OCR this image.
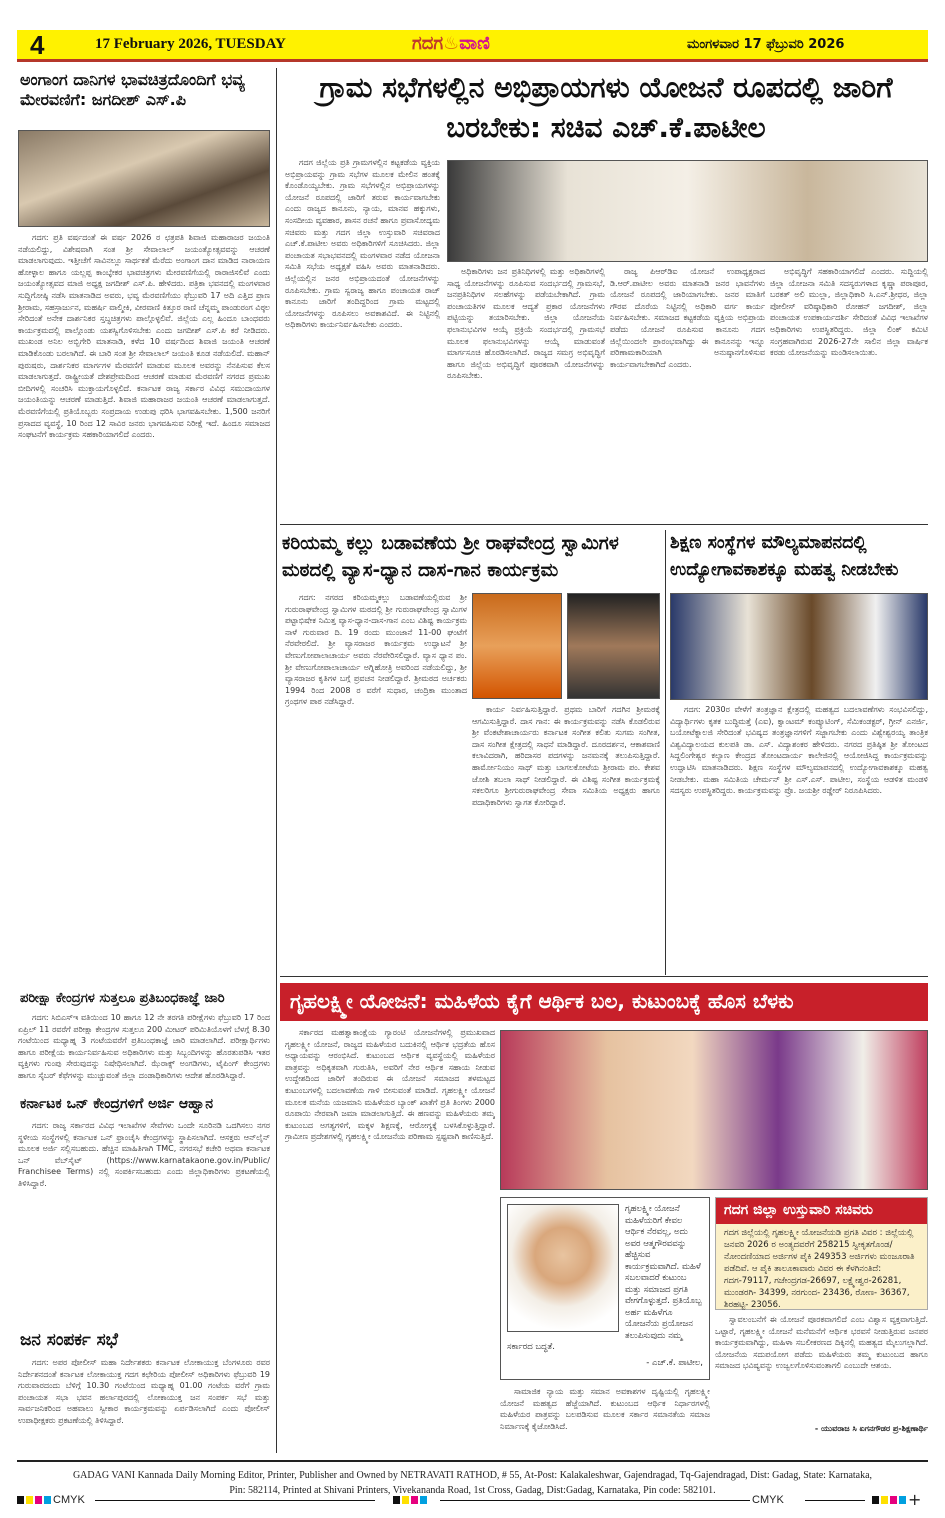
4	17 February 2026, TUESDAY	ಗದಗ♨ವಾಣಿ	ಮಂಗಳವಾರ 17 ಫೆಬ್ರುವರಿ 2026
ಅಂಗಾಂಗ ದಾನಿಗಳ ಭಾವಚಿತ್ರದೊಂದಿಗೆ ಭವ್ಯ ಮೇರವಣಿಗೆ: ಜಗದೀಶ್ ಎಸ್.ಪಿ
ಗದಗ: ಪ್ರತಿ ವರ್ಷದಂತೆ ಈ ವರ್ಷ 2026 ರ ಛತ್ರಪತಿ ಶಿವಾಜಿ ಮಹಾರಾಜರ ಜಯಂತಿ ನಡೆಯಲಿದ್ದು, ವಿಶೇಷವಾಗಿ ಸಂತ ಶ್ರೀ ಸೇವಾಲಾಲ್ ಜಯಂತ್ಯೋತ್ಸವವನ್ನು ಆಚರಣೆ ಮಾಡಲಾಗುವುದು. ಇತ್ತೀಚೆಗೆ ಸಾವಿನಲ್ಲೂ ಸಾರ್ಥಕತೆ ಮೆರೆದು ಅಂಗಾಂಗ ದಾನ ಮಾಡಿದ ನಾರಾಯಣ ಹೋಳ್ಳಾಲ ಹಾಗೂ ಯಲ್ಲಪ್ಪ ಕಾಂಬ್ಳೇಕರ ಭಾವಚಿತ್ರಗಳು ಮೇರವಣಿಗೆಯಲ್ಲಿ ರಾರಾಜಿಸಲಿವೆ ಎಂದು ಜಯಂತ್ಯೋತ್ಸವದ ಮಾಜಿ ಅಧ್ಯಕ್ಷ ಜಗದೀಶ್ ಎಸ್.ಪಿ. ಹೇಳಿದರು. ಪತ್ರಿಕಾ ಭವನದಲ್ಲಿ ಮಂಗಳವಾರ ಸುದ್ದಿಗೋಷ್ಠಿ ನಡೆಸಿ ಮಾತನಾಡಿದ ಅವರು, ಭವ್ಯ ಮೆರವಣಿಗೆಯು ಫೆಬ್ರುವರಿ 17 ಅದಿ ಎತ್ತಿದ ಪ್ರಾಣ ಶ್ರೀರಾಮ, ಸಹಸ್ರಾರ್ಜುನ, ಮಹರ್ಷಿ ವಾಲ್ಮೀಕಿ, ವೀರವಾಣಿ ಕಿತ್ತೂರ ರಾಣಿ ಚೆನ್ನಮ್ಮ ಪಾಂಡುರಂಗ ವಿಠ್ಠಲ ಸೇರಿದಂತೆ ಅನೇಕ ದಾರ್ಶನಿಕರ ಸ್ತಬ್ಧಚಿತ್ರಗಳು ಪಾಲ್ಗೊಳ್ಳಲಿವೆ. ಜಿಲ್ಲೆಯ ಎಲ್ಲ ಹಿಂದೂ ಬಾಂಧವರು ಕಾರ್ಯಕ್ರಮದಲ್ಲಿ ಪಾಲ್ಗೊಂಡು ಯಶಸ್ವಿಗೊಳಿಸಬೇಕು ಎಂದು ಜಗದೀಶ್ ಎಸ್.ಪಿ ಕರೆ ನೀಡಿದರು. ಮುಖಂಡ ಅನಿಲ ಅಬ್ಬಿಗೇರಿ ಮಾತನಾಡಿ, ಕಳೆದ 10 ವರ್ಷದಿಂದ ಶಿವಾಜಿ ಜಯಂತಿ ಆಚರಣೆ ಮಾಡಿಕೊಂಡು ಬರಲಾಗಿದೆ. ಈ ಬಾರಿ ಸಂತ ಶ್ರೀ ಸೇವಾಲಾಲ್ ಜಯಂತಿ ಕೂಡ ನಡೆಯಲಿದೆ. ಮಹಾನ್ ಪುರುಷರು, ದಾರ್ಶನಿಕರ ಮಾರ್ಗಗಳ ಮೆರವಣಿಗೆ ಮಾಡುವ ಮೂಲಕ ಅವರನ್ನು ನೆನಪಿಸುವ ಕೆಲಸ ಮಾಡಲಾಗುತ್ತದೆ. ರಾಷ್ಟ್ರೀಯತೆ ದೇಶಪ್ರೇಮದಿಂದ ಆಚರಣೆ ಮಾಡುವ ಮೆರವಣಿಗೆ ನಗರದ ಪ್ರಮುಖ ಬೀದಿಗಳಲ್ಲಿ ಸಂಚರಿಸಿ ಮುಕ್ತಾಯಗೊಳ್ಳಲಿದೆ. ಕರ್ನಾಟಕ ರಾಜ್ಯ ಸರ್ಕಾರ ವಿವಿಧ ಸಮುದಾಯಗಳ ಜಯಂತಿಯನ್ನು ಆಚರಣೆ ಮಾಡುತ್ತಿದೆ. ಶಿವಾಜಿ ಮಹಾರಾಜರ ಜಯಂತಿ ಆಚರಣೆ ಮಾಡಲಾಗುತ್ತದೆ. ಮೆರವಣಿಗೆಯಲ್ಲಿ ಪ್ರತಿಯೊಬ್ಬರು ಸಂಪ್ರದಾಯ ಉಡುಪು ಧರಿಸಿ ಭಾಗವಹಿಸಬೇಕು. 1,500 ಜನರಿಗೆ ಪ್ರಸಾದದ ವ್ಯವಸ್ಥೆ, 10 ರಿಂದ 12 ಸಾವಿರ ಜನರು ಭಾಗವಹಿಸುವ ನಿರೀಕ್ಷೆ ಇದೆ. ಹಿಂದೂ ಸಮಾಜದ ಸಂಘಟನೆಗೆ ಕಾರ್ಯಕ್ರಮ ಸಹಕಾರಿಯಾಗಲಿದೆ ಎಂದರು.
ಪರೀಕ್ಷಾ ಕೇಂದ್ರಗಳ ಸುತ್ತಲೂ ಪ್ರತಿಬಂಧಕಾಜ್ಞೆ ಜಾರಿ
ಗದಗ: ಸಿಬಿಎಸ್‌ಇ ವತಿಯಿಂದ 10 ಹಾಗೂ 12 ನೇ ತರಗತಿ ಪರೀಕ್ಷೆಗಳು ಫೆಬ್ರುವರಿ 17 ರಿಂದ ಏಪ್ರಿಲ್ 11 ರವರೆಗೆ ಪರೀಕ್ಷಾ ಕೇಂದ್ರಗಳ ಸುತ್ತಲೂ 200 ಮೀಟರ್ ಪರಿಮಿತಿಯೊಳಗೆ ಬೆಳಗ್ಗೆ 8.30 ಗಂಟೆಯಿಂದ ಮಧ್ಯಾಹ್ನ 3 ಗಂಟೆಯವರೆಗೆ ಪ್ರತಿಬಂಧಕಾಜ್ಞೆ ಜಾರಿ ಮಾಡಲಾಗಿದೆ. ಪರೀಕ್ಷಾರ್ಥಿಗಳು ಹಾಗೂ ಪರೀಕ್ಷೆಯ ಕಾರ್ಯನಿರ್ವಹಿಸುವ ಅಧಿಕಾರಿಗಳು ಮತ್ತು ಸಿಬ್ಬಂದಿಗಳನ್ನು ಹೊರತುಪಡಿಸಿ ಇತರ ವ್ಯಕ್ತಿಗಳು ಗುಂಪು ಸೇರುವುದನ್ನು ನಿಷೇಧಿಸಲಾಗಿದೆ. ಝೆರಾಕ್ಸ್ ಅಂಗಡಿಗಳು, ಟೈಪಿಂಗ್ ಕೇಂದ್ರಗಳು ಹಾಗೂ ಸೈಬರ್ ಕೆಫೆಗಳನ್ನು ಮುಚ್ಚುವಂತೆ ಜಿಲ್ಲಾ ದಂಡಾಧಿಕಾರಿಗಳು ಆದೇಶ ಹೊರಡಿಸಿದ್ದಾರೆ.
ಕರ್ನಾಟಕ ಒನ್ ಕೇಂದ್ರಗಳಿಗೆ ಅರ್ಜಿ ಆಹ್ವಾನ
ಗದಗ: ರಾಜ್ಯ ಸರ್ಕಾರದ ವಿವಿಧ ಇಲಾಖೆಗಳ ಸೇವೆಗಳು ಒಂದೇ ಸೂರಿನಡಿ ಒದಗಿಸಲು ನಗರ ಸ್ಥಳೀಯ ಸಂಸ್ಥೆಗಳಲ್ಲಿ ಕರ್ನಾಟಕ ಒನ್ ಫ್ರಾಂಚೈಸಿ ಕೇಂದ್ರಗಳನ್ನು ಸ್ಥಾಪಿಸಲಾಗಿದೆ. ಆಸಕ್ತರು ಆನ್‌ಲೈನ್ ಮೂಲಕ ಅರ್ಜಿ ಸಲ್ಲಿಸಬಹುದು. ಹೆಚ್ಚಿನ ಮಾಹಿತಿಗಾಗಿ TMC, ನಗರಸಭೆ ಕಚೇರಿ ಅಥವಾ ಕರ್ನಾಟಕ ಒನ್ ವೆಬ್‌ಸೈಟ್ (https://www.karnatakaone.gov.in/Public/ Franchisee Terms) ನಲ್ಲಿ ಸಂಪರ್ಕಿಸಬಹುದು ಎಂದು ಜಿಲ್ಲಾಧಿಕಾರಿಗಳು ಪ್ರಕಟಣೆಯಲ್ಲಿ ತಿಳಿಸಿದ್ದಾರೆ.
ಜನ ಸಂಪರ್ಕ ಸಭೆ
ಗದಗ: ಅಪರ ಪೋಲೀಸ್ ಮಹಾ ನಿರ್ದೇಶಕರು ಕರ್ನಾಟಕ ಲೋಕಾಯುಕ್ತ ಬೆಂಗಳೂರು ರವರ ನಿರ್ದೇಶನದಂತೆ ಕರ್ನಾಟಕ ಲೋಕಾಯುಕ್ತ ಗದಗ ಕಛೇರಿಯ ಪೋಲೀಸ್ ಅಧಿಕಾರಿಗಳು ಫೆಬ್ರುವರಿ 19 ಗುರುವಾರದಂದು ಬೆಳಿಗ್ಗೆ 10.30 ಗಂಟೆಯಿಂದ ಮಧ್ಯಾಹ್ನ 01.00 ಗಂಟೆಯ ವರೆಗೆ ಗ್ರಾಮ ಪಂಚಾಯತ ಸಭಾ ಭವನ ಹರ್ಲಾಪುರದಲ್ಲಿ ಲೋಕಾಯುಕ್ತ ಜನ ಸಂಪರ್ಕ ಸಭೆ ಮತ್ತು ಸಾರ್ವಜನಿಕರಿಂದ ಅಹವಾಲು ಸ್ವೀಕಾರ ಕಾರ್ಯಕ್ರಮವನ್ನು ಏರ್ಪಡಿಸಲಾಗಿದೆ ಎಂದು ಪೋಲೀಸ್ ಉಪಾಧೀಕ್ಷಕರು ಪ್ರಕಟಣೆಯಲ್ಲಿ ತಿಳಿಸಿದ್ದಾರೆ.
ಗ್ರಾಮ ಸಭೆಗಳಲ್ಲಿನ ಅಭಿಪ್ರಾಯಗಳು ಯೋಜನೆ ರೂಪದಲ್ಲಿ ಜಾರಿಗೆ ಬರಬೇಕು: ಸಚಿವ ಎಚ್.ಕೆ.ಪಾಟೀಲ
ಗದಗ ಜಿಲ್ಲೆಯ ಪ್ರತಿ ಗ್ರಾಮಗಳಲ್ಲಿನ ಕಟ್ಟಕಡೆಯ ವ್ಯಕ್ತಿಯ ಅಭಿಪ್ರಾಯವನ್ನು ಗ್ರಾಮ ಸಭೆಗಳ ಮೂಲಕ ಮೇಲಿನ ಹಂತಕ್ಕೆ ಕೊಂಡೊಯ್ಯಬೇಕು. ಗ್ರಾಮ ಸಭೆಗಳಲ್ಲಿನ ಅಭಿಪ್ರಾಯಗಳನ್ನು ಯೋಜನೆ ರೂಪದಲ್ಲಿ ಜಾರಿಗೆ ತರುವ ಕಾರ್ಯವಾಗಬೇಕು ಎಂದು ರಾಜ್ಯದ ಕಾನೂನು, ನ್ಯಾಯ, ಮಾನವ ಹಕ್ಕುಗಳು, ಸಂಸದೀಯ ವ್ಯವಹಾರ, ಶಾಸನ ರಚನೆ ಹಾಗೂ ಪ್ರವಾಸೋದ್ಯಮ ಸಚಿವರು ಮತ್ತು ಗದಗ ಜಿಲ್ಲಾ ಉಸ್ತುವಾರಿ ಸಚಿವರಾದ ಎಚ್.ಕೆ.ಪಾಟೀಲ ಅವರು ಅಧಿಕಾರಿಗಳಿಗೆ ಸೂಚಿಸಿದರು. ಜಿಲ್ಲಾ ಪಂಚಾಯತ ಸಭಾಭವನದಲ್ಲಿ ಮಂಗಳವಾರ ನಡೆದ ಯೋಜನಾ ಸಮಿತಿ ಸಭೆಯ ಅಧ್ಯಕ್ಷತೆ ವಹಿಸಿ ಅವರು ಮಾತನಾಡಿದರು. ಜಿಲ್ಲೆಯಲ್ಲಿನ ಜನರ ಅಭಿಪ್ರಾಯದಂತೆ ಯೋಜನೆಗಳನ್ನು ರೂಪಿಸಬೇಕು. ಗ್ರಾಮ ಸ್ವರಾಜ್ಯ ಹಾಗೂ ಪಂಚಾಯತ ರಾಜ್ ಕಾನೂನು ಜಾರಿಗೆ ತಂದಿದ್ದರಿಂದ ಗ್ರಾಮ ಮಟ್ಟದಲ್ಲಿ ಯೋಜನೆಗಳನ್ನು ರೂಪಿಸಲು ಅವಕಾಶವಿದೆ. ಈ ನಿಟ್ಟಿನಲ್ಲಿ ಅಧಿಕಾರಿಗಳು ಕಾರ್ಯನಿರ್ವಹಿಸಬೇಕು ಎಂದರು.
ಅಧಿಕಾರಿಗಳು ಜನ ಪ್ರತಿನಿಧಿಗಳಲ್ಲಿ ಮತ್ತು ಅಧಿಕಾರಿಗಳಲ್ಲಿ ಸಾಧ್ಯ ಯೋಜನೆಗಳನ್ನು ರೂಪಿಸುವ ಸಂದರ್ಭದಲ್ಲಿ ಗ್ರಾಮಸಭೆ, ಜನಪ್ರತಿನಿಧಿಗಳ ಸಲಹೆಗಳನ್ನು ಪಡೆಯಬೇಕಾಗಿದೆ. ಗ್ರಾಮ ಪಂಚಾಯತಿಗಳ ಮೂಲಕ ಆದ್ಯತೆ ಪ್ರಕಾರ ಯೋಜನೆಗಳು ಪಟ್ಟಿಯನ್ನು ತಯಾರಿಸಬೇಕು. ಜಿಲ್ಲಾ ಯೋಜನೆಯ ಫಲಾನುಭವಿಗಳ ಆಯ್ಕೆ ಪ್ರಕ್ರಿಯೆ ಸಂದರ್ಭದಲ್ಲಿ ಗ್ರಾಮಸಭೆ ಮೂಲಕ ಫಲಾನುಭವಿಗಳನ್ನು ಆಯ್ಕೆ ಮಾಡುವಂತೆ ಮಾರ್ಗಸೂಚಿ ಹೊರಡಿಸಲಾಗಿದೆ. ರಾಜ್ಯದ ಸಮಗ್ರ ಅಭಿವೃದ್ಧಿಗೆ ಹಾಗೂ ಜಿಲ್ಲೆಯ ಅಭಿವೃದ್ಧಿಗೆ ಪೂರಕವಾಗಿ ಯೋಜನೆಗಳನ್ನು ರೂಪಿಸಬೇಕು.
ರಾಜ್ಯ ಪಿಆರ್‌ಡಿಐ ಯೋಜನೆ ಉಪಾಧ್ಯಕ್ಷರಾದ ಡಿ.ಆರ್.ಪಾಟೀಲ ಅವರು ಮಾತನಾಡಿ ಜನರ ಭಾವನೆಗಳು ಯೋಜನೆ ರೂಪದಲ್ಲಿ ಜಾರಿಯಾಗಬೇಕು. ಜನರ ಮಾತಿಗೆ ಗೌರವ ದೊರೆಯ ನಿಟ್ಟಿನಲ್ಲಿ ಅಧಿಕಾರಿ ವರ್ಗ ಕಾರ್ಯ ನಿರ್ವಹಿಸಬೇಕು. ಸಮಾಜದ ಕಟ್ಟಕಡೆಯ ವ್ಯಕ್ತಿಯ ಅಭಿಪ್ರಾಯ ಪಡೆದು ಯೋಜನೆ ರೂಪಿಸುವ ಕಾನೂನು ಗದಗ ಜಿಲ್ಲೆಯಿಂದಲೇ ಪ್ರಾರಂಭವಾಗಿದ್ದು ಈ ಕಾನೂನನ್ನು ಇನ್ನೂ ಪರಿಣಾಮಕಾರಿಯಾಗಿ ಅನುಷ್ಠಾನಗೊಳಿಸುವ ಕಾರ್ಯವಾಗಬೇಕಾಗಿದೆ ಎಂದರು.
ಅಭಿವೃದ್ಧಿಗೆ ಸಹಕಾರಿಯಾಗಲಿದೆ ಎಂದರು. ಸುದ್ದಿಯಲ್ಲಿ ಜಿಲ್ಲಾ ಯೋಜನಾ ಸಮಿತಿ ಸದಸ್ಯರುಗಳಾದ ಕೃಷ್ಣಾ ಪರಾಪೂರ, ಬರಕತ್ ಅಲಿ ಮುಲ್ಲಾ, ಜಿಲ್ಲಾಧಿಕಾರಿ ಸಿ.ಎನ್.ಶ್ರೀಧರ, ಜಿಲ್ಲಾ ಪೋಲೀಸ್ ವರಿಷ್ಠಾಧಿಕಾರಿ ರೋಹನ್ ಜಗದೀಶ್, ಜಿಲ್ಲಾ ಪಂಚಾಯತ ಉಪಕಾರ್ಯದರ್ಶಿ ಸೇರಿದಂತೆ ವಿವಿಧ ಇಲಾಖೆಗಳ ಅಧಿಕಾರಿಗಳು ಉಪಸ್ಥಿತರಿದ್ದರು. ಜಿಲ್ಲಾ ಲಿಂಕ್ ಕಮಿಟಿ ಸಂಗ್ರಹವಾಗಿರುವ 2026-27ನೇ ಸಾಲಿನ ಜಿಲ್ಲಾ ವಾರ್ಷಿಕ ಕರಡು ಯೋಜನೆಯನ್ನು ಮಂಡಿಸಲಾಯಿತು.
ಕರಿಯಮ್ಮ ಕಲ್ಲು ಬಡಾವಣೆಯ ಶ್ರೀ ರಾಘವೇಂದ್ರ ಸ್ವಾಮಿಗಳ ಮಠದಲ್ಲಿ ವ್ಯಾಸ-ಧ್ಯಾನ ದಾಸ-ಗಾನ ಕಾರ್ಯಕ್ರಮ
ಗದಗ: ನಗರದ ಕರಿಯಮ್ಮಕಲ್ಲು ಬಡಾವಣೆಯಲ್ಲಿರುವ ಶ್ರೀ ಗುರುರಾಘವೇಂದ್ರ ಸ್ವಾಮಿಗಳ ಮಠದಲ್ಲಿ ಶ್ರೀ ಗುರುರಾಘವೇಂದ್ರ ಸ್ವಾಮಿಗಳ ಪಟ್ಟಾಭಿಷೇಕ ನಿಮಿತ್ತ ವ್ಯಾಸ-ಧ್ಯಾನ-ದಾಸ-ಗಾನ ಎಂಬ ವಿಶಿಷ್ಟ ಕಾರ್ಯಕ್ರಮ ನಾಳೆ ಗುರುವಾರ ದಿ. 19 ರಂದು ಮುಂಜಾನೆ 11-00 ಘಂಟೆಗೆ ನೆರವೇರಲಿದೆ. ಶ್ರೀ ವ್ಯಾಸರಾಜರ ಕಾರ್ಯಕ್ರಮ ಉದ್ಘಾಟನೆ ಶ್ರೀ ವೇಣುಗೋಪಾಲಾಚಾರ್ಯ ಅವರು ನೆರವೇರಿಸಲಿದ್ದಾರೆ. ವ್ಯಾಸ ಧ್ಯಾನ ಪಂ. ಶ್ರೀ ವೇಣುಗೋಪಾಲಾಚಾರ್ಯ ಅಗ್ನಿಹೋತ್ರಿ ಅವರಿಂದ ನಡೆಯಲಿದ್ದು, ಶ್ರೀ ವ್ಯಾಸರಾಜರ ಕೃತಿಗಳ ಬಗ್ಗೆ ಪ್ರವಚನ ನೀಡಲಿದ್ದಾರೆ. ಶ್ರೀಮಠದ ಅರ್ಚಕರು 1994 ರಿಂದ 2008 ರ ವರೆಗೆ ಸುಧಾರ, ಚಂದ್ರಿಕಾ ಮುಂತಾದ ಗ್ರಂಥಗಳ ಪಾಠ ನಡೆಸಿದ್ದಾರೆ.
ಕಾರ್ಯ ನಿರ್ವಹಿಸುತ್ತಿದ್ದಾರೆ. ಪ್ರಥಮ ಬಾರಿಗೆ ಗದಗಿನ ಶ್ರೀಮಠಕ್ಕೆ ಆಗಮಿಸುತ್ತಿದ್ದಾರೆ. ದಾಸ ಗಾನ: ಈ ಕಾರ್ಯಕ್ರಮವನ್ನು ನಡೆಸಿ ಕೊಡಲಿರುವ ಶ್ರೀ ವೆಂಕಟೇಶಾಚಾರ್ಯರು ಕರ್ನಾಟಕ ಸಂಗೀತ ಕಲಿತು ಸುಗಮ ಸಂಗೀತ, ದಾಸ ಸಂಗೀತ ಕ್ಷೇತ್ರದಲ್ಲಿ ಸಾಧನೆ ಮಾಡಿದ್ದಾರೆ. ದೂರದರ್ಶನ, ಆಕಾಶವಾಣಿ ಕಲಾವಿದರಾಗಿ, ಹರಿದಾಸರ ಪದಗಳನ್ನು ಜನಮನಕ್ಕೆ ತಲುಪಿಸುತ್ತಿದ್ದಾರೆ. ಹಾರ್ಮೋನಿಯಂ ಸಾಥ್ ಮತ್ತು ಬಾಗಲಕೋಟೆಯ ಶ್ರೀರಾಮ ಪಂ. ಕೇಶವ ಜೋಶಿ ತಬಲಾ ಸಾಥ್ ನೀಡಲಿದ್ದಾರೆ. ಈ ವಿಶಿಷ್ಟ ಸಂಗೀತ ಕಾರ್ಯಕ್ರಮಕ್ಕೆ ಸಕಲರಿಗೂ ಶ್ರೀಗುರುರಾಘವೇಂದ್ರ ಸೇವಾ ಸಮಿತಿಯ ಅಧ್ಯಕ್ಷರು ಹಾಗೂ ಪದಾಧಿಕಾರಿಗಳು ಸ್ವಾಗತ ಕೋರಿದ್ದಾರೆ.
ಶಿಕ್ಷಣ ಸಂಸ್ಥೆಗಳ ಮೌಲ್ಯಮಾಪನದಲ್ಲಿ ಉದ್ಯೋಗಾವಕಾಶಕ್ಕೂ ಮಹತ್ವ ನೀಡಬೇಕು
ಗದಗ: 2030ರ ವೇಳೆಗೆ ತಂತ್ರಜ್ಞಾನ ಕ್ಷೇತ್ರದಲ್ಲಿ ಮಹತ್ವದ ಬದಲಾವಣೆಗಳು ಸಂಭವಿಸಲಿದ್ದು, ವಿದ್ಯಾರ್ಥಿಗಳು ಕೃತಕ ಬುದ್ಧಿಮತ್ತೆ (ಎಐ), ಕ್ವಾಂಟಮ್ ಕಂಪ್ಯೂಟಿಂಗ್, ಸೆಮಿಕಂಡಕ್ಟರ್, ಗ್ರೀನ್ ಎನರ್ಜಿ, ಬಯೋಟೆಕ್ನಾಲಜಿ ಸೇರಿದಂತೆ ಭವಿಷ್ಯದ ತಂತ್ರಜ್ಞಾನಗಳಿಗೆ ಸಜ್ಜಾಗಬೇಕು ಎಂದು ವಿಶ್ವೇಶ್ವರಯ್ಯ ತಾಂತ್ರಿಕ ವಿಶ್ವವಿದ್ಯಾಲಯದ ಕುಲಪತಿ ಡಾ. ಎಸ್. ವಿದ್ಯಾಶಂಕರ ಹೇಳಿದರು. ನಗರದ ಪ್ರತಿಷ್ಠಿತ ಶ್ರೀ ತೋಂಟದ ಸಿದ್ದಲಿಂಗೇಶ್ವರ ಕಲ್ಯಾಣ ಕೇಂದ್ರದ ತೋಂಟದಾರ್ಯ ಕಾಲೇಜಿನಲ್ಲಿ ಆಯೋಜಿಸಿದ್ದ ಕಾರ್ಯಕ್ರಮವನ್ನು ಉದ್ಘಾಟಿಸಿ ಮಾತನಾಡಿದರು. ಶಿಕ್ಷಣ ಸಂಸ್ಥೆಗಳ ಮೌಲ್ಯಮಾಪನದಲ್ಲಿ ಉದ್ಯೋಗಾವಕಾಶಕ್ಕೂ ಮಹತ್ವ ನೀಡಬೇಕು. ಮಹಾ ಸಮಿತಿಯ ಚೇರ್ಮನ್ ಶ್ರೀ ಎಸ್.ಎಸ್. ಪಾಟೀಲ, ಸಂಸ್ಥೆಯ ಆಡಳಿತ ಮಂಡಳಿ ಸದಸ್ಯರು ಉಪಸ್ಥಿತರಿದ್ದರು. ಕಾರ್ಯಕ್ರಮವನ್ನು ಪ್ರೊ. ಜಯಶ್ರೀ ರಡ್ಡೇರ್ ನಿರೂಪಿಸಿದರು.
ಗೃಹಲಕ್ಷ್ಮೀ ಯೋಜನೆ: ಮಹಿಳೆಯ ಕೈಗೆ ಆರ್ಥಿಕ ಬಲ, ಕುಟುಂಬಕ್ಕೆ ಹೊಸ ಬೆಳಕು
ಸರ್ಕಾರದ ಮಹತ್ವಾಕಾಂಕ್ಷೆಯ ಗ್ಯಾರಂಟಿ ಯೋಜನೆಗಳಲ್ಲಿ ಪ್ರಮುಖವಾದ ಗೃಹಲಕ್ಷ್ಮೀ ಯೋಜನೆ, ರಾಜ್ಯದ ಮಹಿಳೆಯರ ಬದುಕಿನಲ್ಲಿ ಆರ್ಥಿಕ ಭದ್ರತೆಯ ಹೊಸ ಅಧ್ಯಾಯವನ್ನು ಆರಂಭಿಸಿದೆ. ಕುಟುಂಬದ ಆರ್ಥಿಕ ವ್ಯವಸ್ಥೆಯಲ್ಲಿ ಮಹಿಳೆಯರ ಪಾತ್ರವನ್ನು ಅಧಿಕೃತವಾಗಿ ಗುರುತಿಸಿ, ಅವರಿಗೆ ನೇರ ಆರ್ಥಿಕ ಸಹಾಯ ನೀಡುವ ಉದ್ದೇಶದಿಂದ ಜಾರಿಗೆ ತಂದಿರುವ ಈ ಯೋಜನೆ ಸಮಾಜದ ತಳಮಟ್ಟದ ಕುಟುಂಬಗಳಲ್ಲಿ ಬದಲಾವಣೆಯ ಗಾಳಿ ಬೀಸುವಂತೆ ಮಾಡಿದೆ. ಗೃಹಲಕ್ಷ್ಮೀ ಯೋಜನೆ ಮೂಲಕ ಮನೆಯ ಯಜಮಾನಿ ಮಹಿಳೆಯರ ಬ್ಯಾಂಕ್ ಖಾತೆಗೆ ಪ್ರತಿ ತಿಂಗಳು 2000 ರೂಪಾಯಿ ನೇರವಾಗಿ ಜಮಾ ಮಾಡಲಾಗುತ್ತಿದೆ. ಈ ಹಣವನ್ನು ಮಹಿಳೆಯರು ತಮ್ಮ ಕುಟುಂಬದ ಅಗತ್ಯಗಳಿಗೆ, ಮಕ್ಕಳ ಶಿಕ್ಷಣಕ್ಕೆ, ಆರೋಗ್ಯಕ್ಕೆ ಬಳಸಿಕೊಳ್ಳುತ್ತಿದ್ದಾರೆ. ಗ್ರಾಮೀಣ ಪ್ರದೇಶಗಳಲ್ಲಿ ಗೃಹಲಕ್ಷ್ಮೀ ಯೋಜನೆಯ ಪರಿಣಾಮ ಸ್ಪಷ್ಟವಾಗಿ ಕಾಣಿಸುತ್ತಿದೆ.
ಗೃಹಲಕ್ಷ್ಮೀ ಯೋಜನೆ ಮಹಿಳೆಯರಿಗೆ ಕೇವಲ ಆರ್ಥಿಕ ನೆರವಲ್ಲ, ಅದು ಅವರ ಆತ್ಮಗೌರವವನ್ನು ಹೆಚ್ಚಿಸುವ ಕಾರ್ಯಕ್ರಮವಾಗಿದೆ. ಮಹಿಳೆ ಸಬಲವಾದರೆ ಕುಟುಂಬ ಮತ್ತು ಸಮಾಜದ ಪ್ರಗತಿ ವೇಗಗೊಳ್ಳುತ್ತದೆ. ಪ್ರತಿಯೊಬ್ಬ ಅರ್ಹ ಮಹಿಳೆಗೂ ಯೋಜನೆಯ ಪ್ರಯೋಜನ ತಲುಪಿಸುವುದು ನಮ್ಮ ಸರ್ಕಾರದ ಬದ್ಧತೆ.
- ಎಚ್.ಕೆ. ಪಾಟೀಲ,
ಸಾಮಾಜಿಕ ನ್ಯಾಯ ಮತ್ತು ಸಮಾನ ಅವಕಾಶಗಳ ದೃಷ್ಟಿಯಲ್ಲಿ ಗೃಹಲಕ್ಷ್ಮೀ ಯೋಜನೆ ಮಹತ್ವದ ಹೆಜ್ಜೆಯಾಗಿದೆ. ಕುಟುಂಬದ ಆರ್ಥಿಕ ನಿರ್ಧಾರಗಳಲ್ಲಿ ಮಹಿಳೆಯರ ಪಾತ್ರವನ್ನು ಬಲಪಡಿಸುವ ಮೂಲಕ ಸರ್ಕಾರ ಸಮಾನತೆಯ ಸಮಾಜ ನಿರ್ಮಾಣಕ್ಕೆ ಕೈಜೋಡಿಸಿದೆ.
ಗದಗ ಜಿಲ್ಲಾ ಉಸ್ತುವಾರಿ ಸಚಿವರು
ಗದಗ ಜಿಲ್ಲೆಯಲ್ಲಿ ಗೃಹಲಕ್ಷ್ಮೀ ಯೋಜನೆಯಡಿ ಪ್ರಗತಿ ವಿವರ : ಜಿಲ್ಲೆಯಲ್ಲಿ ಜನವರಿ 2026 ರ ಅಂತ್ಯದವರೆಗೆ 258215 ಸ್ವೀಕೃತಗೊಂಡ/ ನೋಂದಣಿಯಾದ ಅರ್ಜಿಗಳ ಪೈಕಿ 249353 ಅರ್ಜಿಗಳು ಮಂಜೂರಾತಿ ಪಡೆದಿವೆ. ಆ ಪೈಕಿ ತಾಲೂಕಾವಾರು ವಿವರ ಈ ಕೆಳಗಿನಂತಿದೆ: ಗದಗ-79117, ಗಜೇಂದ್ರಗಡ-26697, ಲಕ್ಷ್ಮೇಶ್ವರ-26281, ಮುಂಡರಗಿ- 34399, ನರಗುಂದ- 23436, ರೋಣ- 36367, ಶಿರಹಟ್ಟಿ- 23056.
ಸ್ವಾವಲಂಬನೆಗೆ ಈ ಯೋಜನೆ ಪೂರಕವಾಗಲಿದೆ ಎಂಬ ವಿಶ್ವಾಸ ವ್ಯಕ್ತವಾಗುತ್ತಿದೆ. ಒಟ್ಟಾರೆ, ಗೃಹಲಕ್ಷ್ಮೀ ಯೋಜನೆ ಮನೆಮನೆಗೆ ಆರ್ಥಿಕ ಭರವಸೆ ನೀಡುತ್ತಿರುವ ಜನಪರ ಕಾರ್ಯಕ್ರಮವಾಗಿದ್ದು, ಮಹಿಳಾ ಸಬಲೀಕರಣದ ದಿಕ್ಕಿನಲ್ಲಿ ಮಹತ್ವದ ಮೈಲುಗಲ್ಲಾಗಿದೆ. ಯೋಜನೆಯ ಸದುಪಯೋಗ ಪಡೆದು ಮಹಿಳೆಯರು ತಮ್ಮ ಕುಟುಂಬದ ಹಾಗೂ ಸಮಾಜದ ಭವಿಷ್ಯವನ್ನು ಉಜ್ವಲಗೊಳಿಸುವಂತಾಗಲಿ ಎಂಬುದೇ ಆಶಯ.
- ಯುವರಾಜ ಸಿ ಏಗನಗೌಡರ ಪ್ರ-ಶಿಕ್ಷಣಾರ್ಥಿ
GADAG VANI Kannada Daily Morning Editor, Printer, Publisher and Owned by NETRAVATI RATHOD, # 55, At-Post: Kalakaleshwar, Gajendragad, Tq-Gajendragad, Dist: Gadag, State: Karnataka,
Pin: 582114, Printed at Shivani Printers, Vivekananda Road, 1st Cross, Gadag, Dist:Gadag, Karnataka, Pin code: 582101.
CMYK	CMYK	+
